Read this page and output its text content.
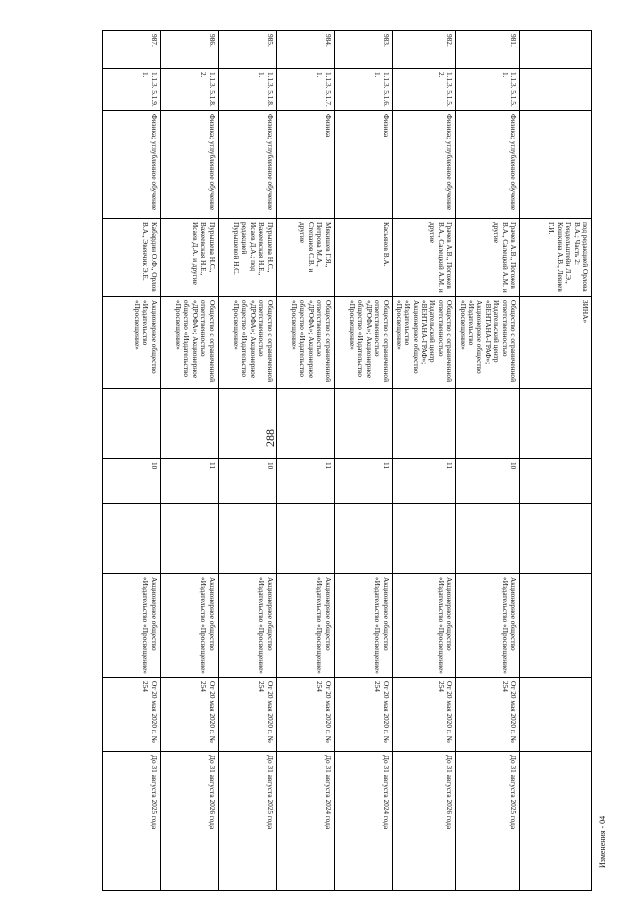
288
			под редакцией Орлова В.А.; Часть 2: Гендельштейн Л.Э., Кошкина А.В., Левиев Г.И.	ЗИНА»						
981.	1.1.3. 5.1.5. 1.	Физика; углубленное обучение	Грачев А.В., Погожев В.А., Салецкий А.М. и другие	Общество с ограниченной ответственностью Издательский центр «ВЕНТАНА-ГРАФ»; Акционерное общество «Издательство «Просвещение»		10		Акционерное общество «Издательство «Просвещение»	От 20 мая 2020 г. № 254	До 31 августа 2025 года
982.	1.1.3. 5.1.5. 2.	Физика; углубленное обучение	Грачев А.В., Погожев В.А., Салецкий А.М. и другие	Общество с ограниченной ответственностью Издательский центр «ВЕНТАНА-ГРАФ»; Акционерное общество «Издательство «Просвещение»		11		Акционерное общество «Издательство «Просвещение»	От 20 мая 2020 г. № 254	До 31 августа 2026 года
983.	1.1.3. 5.1.6. 1.	Физика	Касьянов В.А.	Общество с ограниченной ответственностью «ДРОФА»; Акционерное общество «Издательство «Просвещение»		11		Акционерное общество «Издательство «Просвещение»	От 20 мая 2020 г. № 254	До 31 августа 2024 года
984.	1.1.3. 5.1.7. 1.	Физика	Мякишев Г.Я., Петрова М.А., Степанов С.В. и другие	Общество с ограниченной ответственностью «ДРОФА»; Акционерное общество «Издательство «Просвещение»		11		Акционерное общество «Издательство «Просвещение»	От 20 мая 2020 г. № 254	До 31 августа 2024 года
985.	1.1.3. 5.1.8. 1.	Физика; углубленное обучение	Пурышева Н.С., Важеевская Н.Е., Исаев Д.А.; под редакцией Пурышевой Н.С.	Общество с ограниченной ответственностью «ДРОФА»; Акционерное общество «Издательство «Просвещение»		10		Акционерное общество «Издательство «Просвещение»	От 20 мая 2020 г. № 254	До 31 августа 2025 года
986.	1.1.3. 5.1.8. 2.	Физика; углубленное обучение	Пурышева Н.С., Важеевская Н.Е., Исаев Д.А. и другие	Общество с ограниченной ответственностью «ДРОФА»; Акционерное общество «Издательство «Просвещение»		11		Акционерное общество «Издательство «Просвещение»	От 20 мая 2020 г. № 254	До 31 августа 2026 года
987.	1.1.3. 5.1.9. 1.	Физика; углубленное обучение	Кабардин О.Ф., Орлов В.А., Эвенчик Э.Е.	Акционерное общество «Издательство «Просвещение»		10		Акционерное общество «Издательство «Просвещение»	От 20 мая 2020 г. № 254	До 31 августа 2025 года
Изменения - 04
